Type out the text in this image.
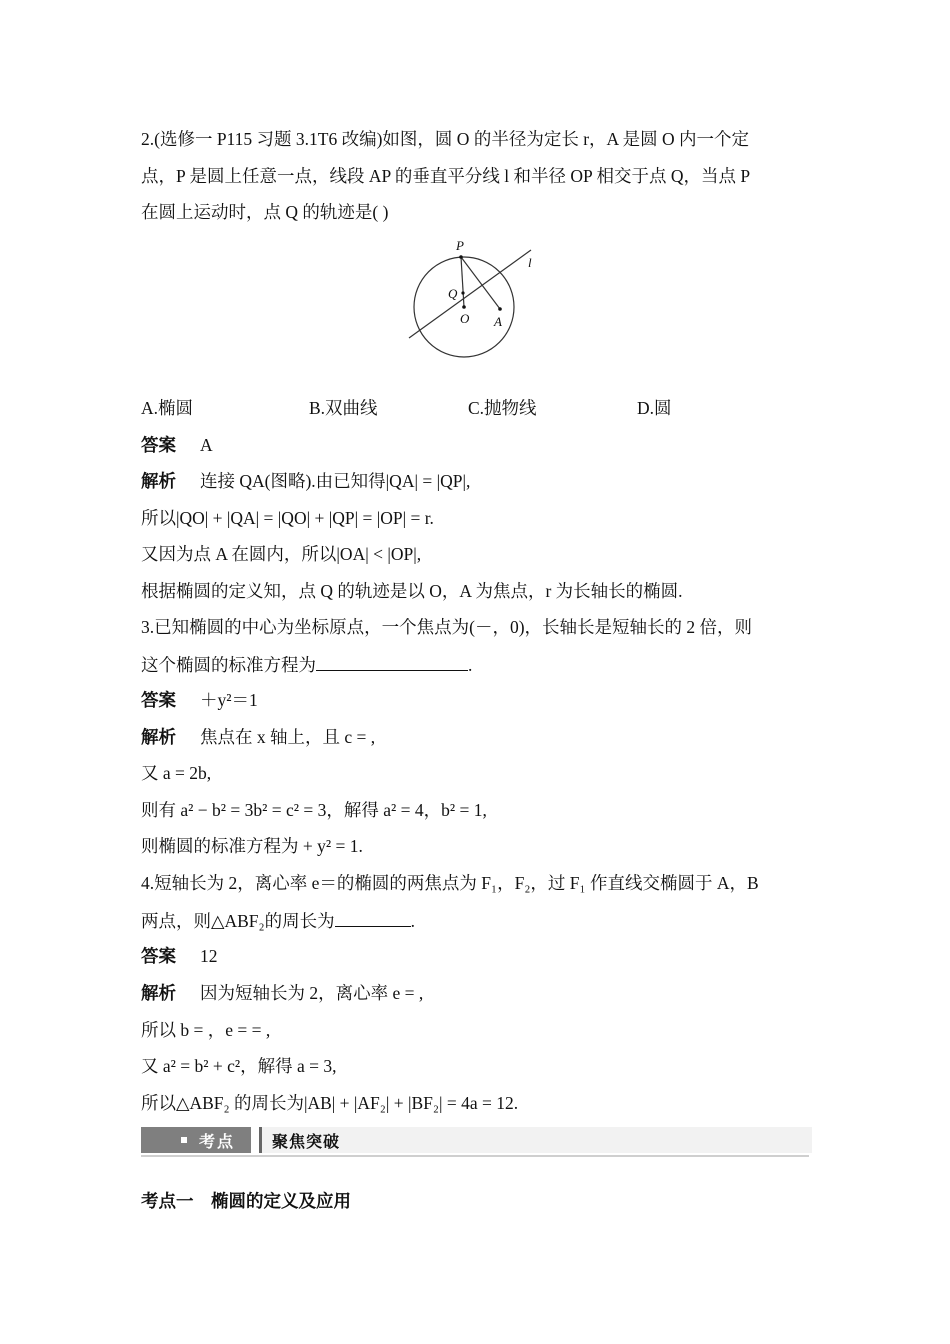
2.(选修一 P115 习题 3.1T6 改编)如图，圆 O 的半径为定长 r，A 是圆 O 内一个定
点，P 是圆上任意一点，线段 AP 的垂直平分线 l 和半径 OP 相交于点 Q，当点 P
在圆上运动时，点 Q 的轨迹是( )
P
Q
O A
l
A.椭圆	B.双曲线	C.抛物线	D.圆
答案 A
解析 连接 QA(图略).由已知得|QA| = |QP|,
所以|QO| + |QA| = |QO| + |QP| = |OP| = r.
又因为点 A 在圆内，所以|OA| < |OP|,
根据椭圆的定义知，点 Q 的轨迹是以 O，A 为焦点，r 为长轴长的椭圆.
3.已知椭圆的中心为坐标原点，一个焦点为(－，0)，长轴长是短轴长的 2 倍，则
这个椭圆的标准方程为	.
答案 ＋y²＝1
解析 焦点在 x 轴上，且 c = ,
又 a = 2b,
则有 a² − b² = 3b² = c² = 3，解得 a² = 4，b² = 1,
则椭圆的标准方程为 + y² = 1.
4.短轴长为 2，离心率 e＝的椭圆的两焦点为 F₁，F₂，过 F₁ 作直线交椭圆于 A，B
两点，则△ABF₂的周长为	.
答案 12
解析 因为短轴长为 2，离心率 e = ,
所以 b = ，e = = ,
又 a² = b² + c²，解得 a = 3,
所以△ABF₂ 的周长为|AB| + |AF₂| + |BF₂| = 4a = 12.
考点 聚焦突破
考点一    椭圆的定义及应用
